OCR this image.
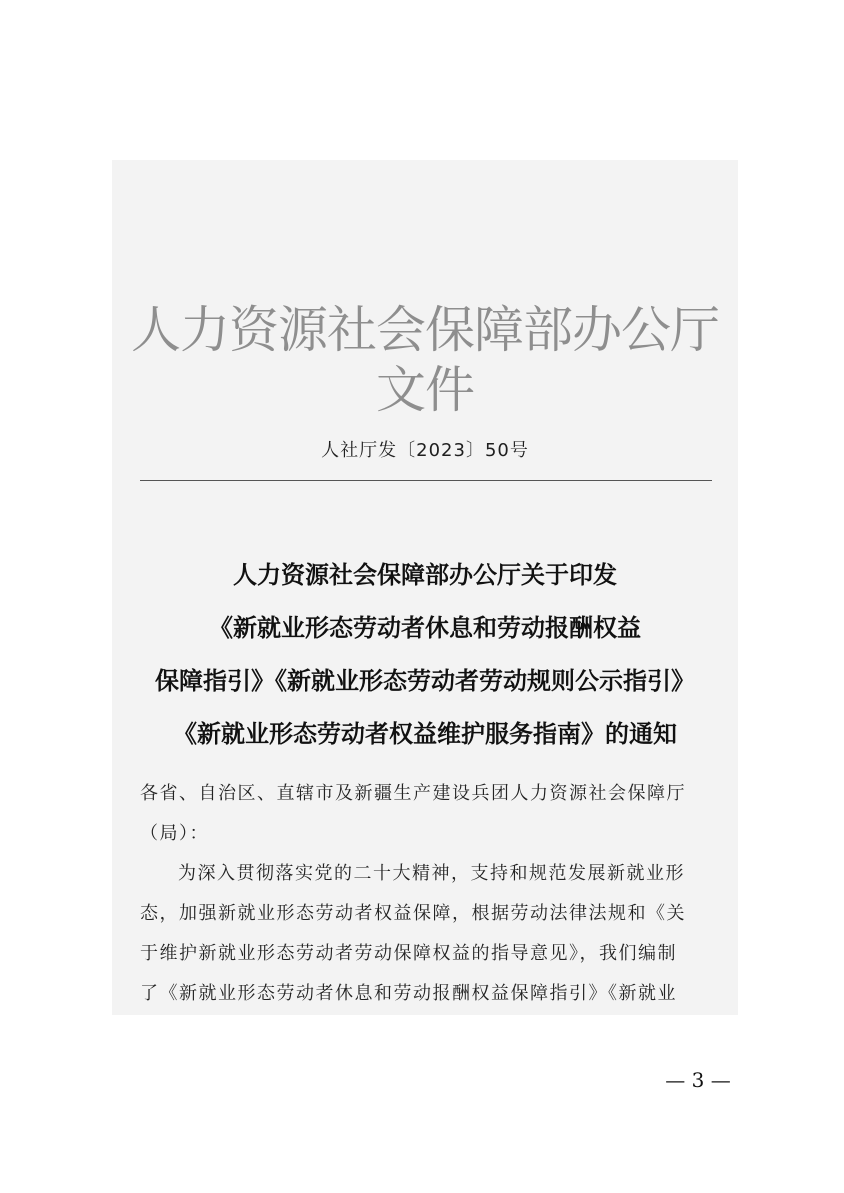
人力资源社会保障部办公厅文件
人社厅发〔2023〕50号
人力资源社会保障部办公厅关于印发
《新就业形态劳动者休息和劳动报酬权益
保障指引》《新就业形态劳动者劳动规则公示指引》
《新就业形态劳动者权益维护服务指南》的通知
各省、自治区、直辖市及新疆生产建设兵团人力资源社会保障厅
（局）：
为深入贯彻落实党的二十大精神，支持和规范发展新就业形
态，加强新就业形态劳动者权益保障，根据劳动法律法规和《关
于维护新就业形态劳动者劳动保障权益的指导意见》，我们编制
了《新就业形态劳动者休息和劳动报酬权益保障指引》《新就业
— 3 —
